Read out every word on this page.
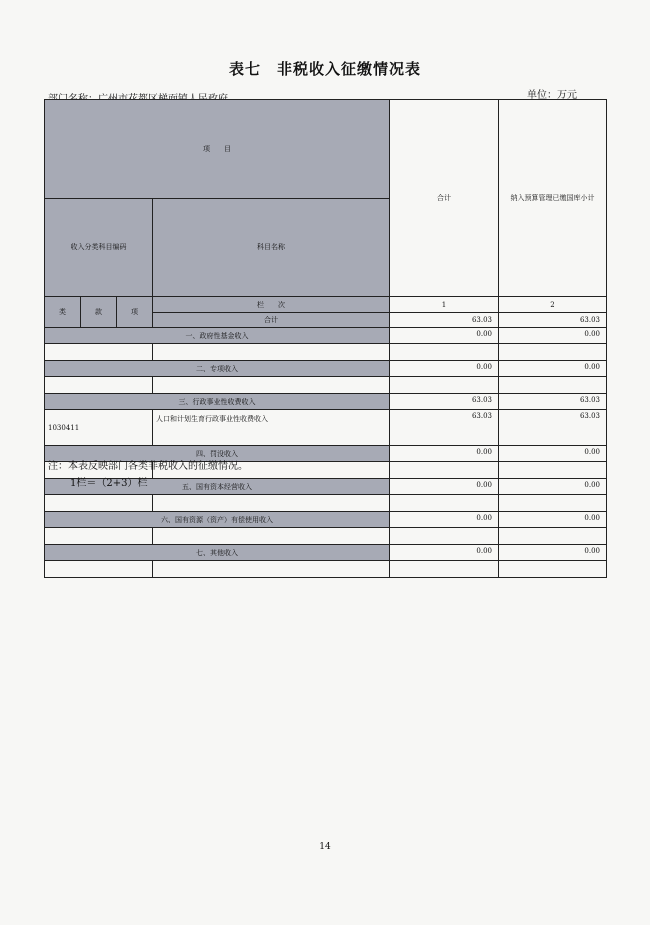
表七　非税收入征缴情况表
单位：万元
项　　目				合计	纳入预算管理已缴国库小计	
收入分类科目编码			科目名称			
类	款	项	栏　　次	1	2	
			合计	63.03	63.03	
一、政府性基金收入				0.00	0.00	

二、专项收入				0.00	0.00	

三、行政事业性收费收入				63.03	63.03	
1030411			人口和计划生育行政事业性收费收入	63.03	63.03	
四、罚没收入				0.00	0.00	

五、国有资本经营收入				0.00	0.00	

六、国有资源（资产）有偿使用收入				0.00	0.00	

七、其他收入				0.00	0.00	

注：本表反映部门各类非税收入的征缴情况。
1栏＝（2+3）栏
14
